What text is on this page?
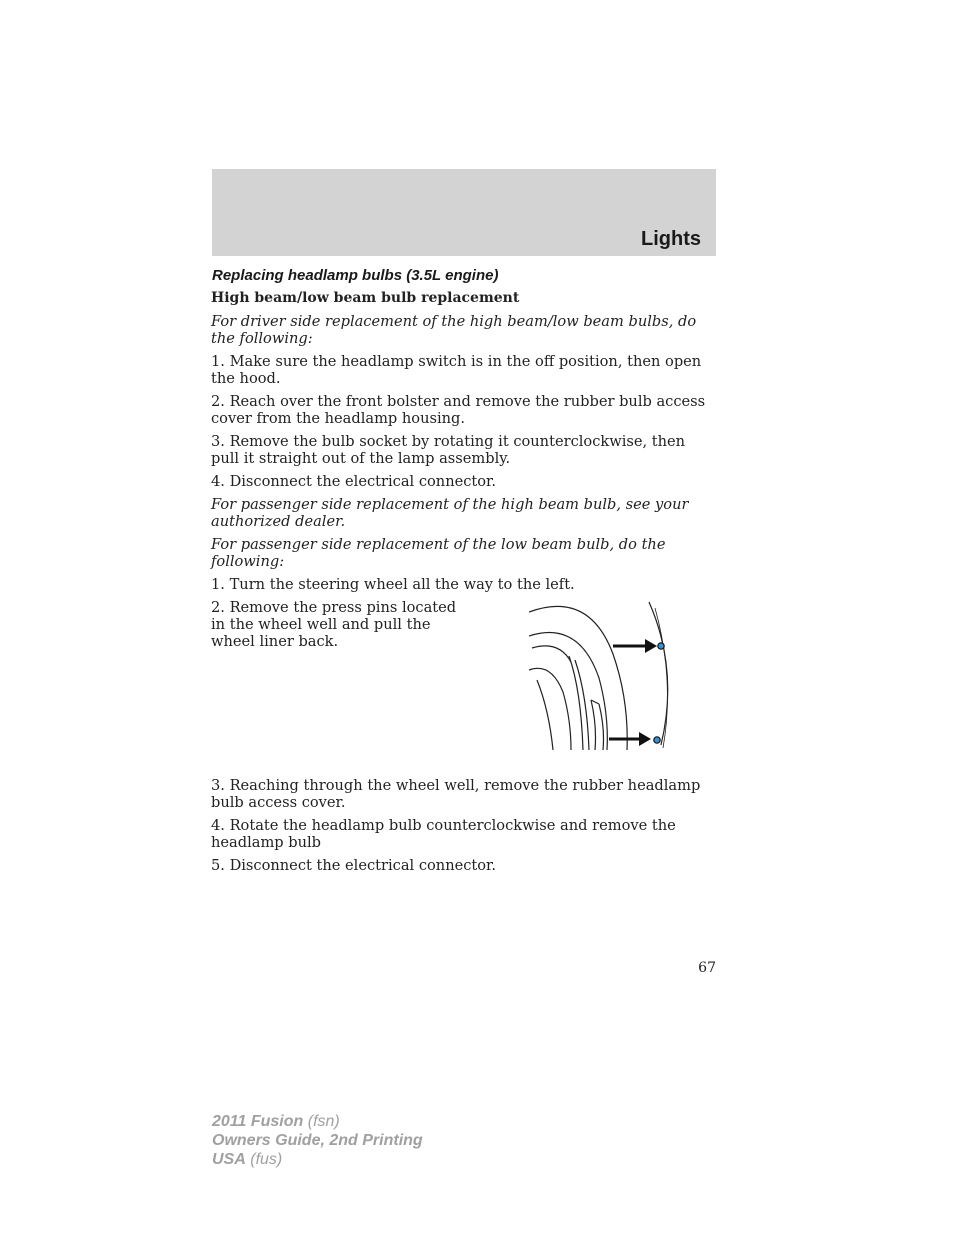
Lights
Replacing headlamp bulbs (3.5L engine)
High beam/low beam bulb replacement
For driver side replacement of the high beam/low beam bulbs, do the following:
1. Make sure the headlamp switch is in the off position, then open the hood.
2. Reach over the front bolster and remove the rubber bulb access cover from the headlamp housing.
3. Remove the bulb socket by rotating it counterclockwise, then pull it straight out of the lamp assembly.
4. Disconnect the electrical connector.
For passenger side replacement of the high beam bulb, see your authorized dealer.
For passenger side replacement of the low beam bulb, do the following:
1. Turn the steering wheel all the way to the left.
2. Remove the press pins located in the wheel well and pull the wheel liner back.
3. Reaching through the wheel well, remove the rubber headlamp bulb access cover.
4. Rotate the headlamp bulb counterclockwise and remove the headlamp bulb
5. Disconnect the electrical connector.
67
2011 Fusion (fsn)
Owners Guide, 2nd Printing
USA (fus)
